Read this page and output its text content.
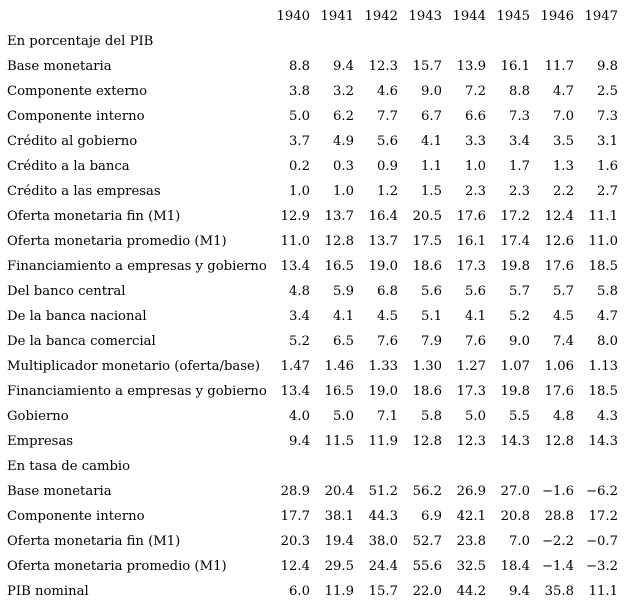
	1940	1941	1942	1943	1944	1945	1946	1947
En porcentaje del PIB								
Base monetaria	8.8	9.4	12.3	15.7	13.9	16.1	11.7	9.8
Componente externo	3.8	3.2	4.6	9.0	7.2	8.8	4.7	2.5
Componente interno	5.0	6.2	7.7	6.7	6.6	7.3	7.0	7.3
Crédito al gobierno	3.7	4.9	5.6	4.1	3.3	3.4	3.5	3.1
Crédito a la banca	0.2	0.3	0.9	1.1	1.0	1.7	1.3	1.6
Crédito a las empresas	1.0	1.0	1.2	1.5	2.3	2.3	2.2	2.7
Oferta monetaria fin (M1)	12.9	13.7	16.4	20.5	17.6	17.2	12.4	11.1
Oferta monetaria promedio (M1)	11.0	12.8	13.7	17.5	16.1	17.4	12.6	11.0
Financiamiento a empresas y gobierno	13.4	16.5	19.0	18.6	17.3	19.8	17.6	18.5
Del banco central	4.8	5.9	6.8	5.6	5.6	5.7	5.7	5.8
De la banca nacional	3.4	4.1	4.5	5.1	4.1	5.2	4.5	4.7
De la banca comercial	5.2	6.5	7.6	7.9	7.6	9.0	7.4	8.0
Multiplicador monetario (oferta/base)	1.47	1.46	1.33	1.30	1.27	1.07	1.06	1.13
Financiamiento a empresas y gobierno	13.4	16.5	19.0	18.6	17.3	19.8	17.6	18.5
Gobierno	4.0	5.0	7.1	5.8	5.0	5.5	4.8	4.3
Empresas	9.4	11.5	11.9	12.8	12.3	14.3	12.8	14.3
En tasa de cambio								
Base monetaria	28.9	20.4	51.2	56.2	26.9	27.0	−1.6	−6.2
Componente interno	17.7	38.1	44.3	6.9	42.1	20.8	28.8	17.2
Oferta monetaria fin (M1)	20.3	19.4	38.0	52.7	23.8	7.0	−2.2	−0.7
Oferta monetaria promedio (M1)	12.4	29.5	24.4	55.6	32.5	18.4	−1.4	−3.2
PIB nominal	6.0	11.9	15.7	22.0	44.2	9.4	35.8	11.1
